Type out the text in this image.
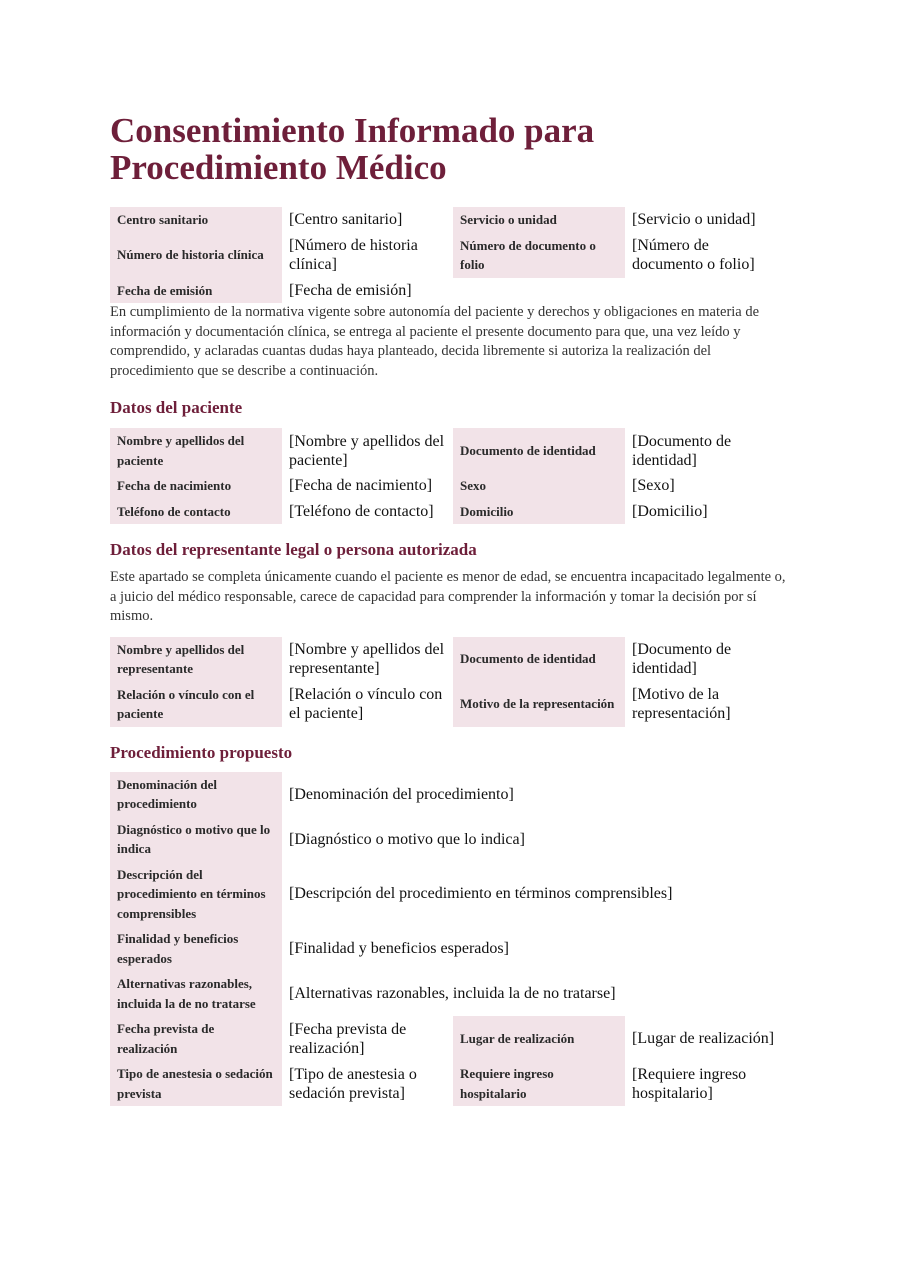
Consentimiento Informado para
Procedimiento Médico
Centro sanitario	[Centro sanitario]	Servicio o unidad	[Servicio o unidad]
Número de historia clínica	[Número de historia clínica]	Número de documento o folio	[Número de documento o folio]
Fecha de emisión	[Fecha de emisión]		

En cumplimiento de la normativa vigente sobre autonomía del paciente y derechos y obligaciones en materia de información y documentación clínica, se entrega al paciente el presente documento para que, una vez leído y comprendido, y aclaradas cuantas dudas haya planteado, decida libremente si autoriza la realización del procedimiento que se describe a continuación.

Datos del paciente
Nombre y apellidos del paciente	[Nombre y apellidos del paciente]	Documento de identidad	[Documento de identidad]
Fecha de nacimiento	[Fecha de nacimiento]	Sexo	[Sexo]
Teléfono de contacto	[Teléfono de contacto]	Domicilio	[Domicilio]
Datos del representante legal o persona autorizada

Este apartado se completa únicamente cuando el paciente es menor de edad, se encuentra incapacitado legalmente o, a juicio del médico responsable, carece de capacidad para comprender la información y tomar la decisión por sí mismo.

Nombre y apellidos del representante	[Nombre y apellidos del representante]	Documento de identidad	[Documento de identidad]
Relación o vínculo con el paciente	[Relación o vínculo con el paciente]	Motivo de la representación	[Motivo de la representación]
Procedimiento propuesto
Denominación del procedimiento	[Denominación del procedimiento]		
Diagnóstico o motivo que lo indica	[Diagnóstico o motivo que lo indica]		
Descripción del procedimiento en términos comprensibles	[Descripción del procedimiento en términos comprensibles]		
Finalidad y beneficios esperados	[Finalidad y beneficios esperados]		
Alternativas razonables, incluida la de no tratarse	[Alternativas razonables, incluida la de no tratarse]		
Fecha prevista de realización	[Fecha prevista de realización]	Lugar de realización	[Lugar de realización]
Tipo de anestesia o sedación prevista	[Tipo de anestesia o sedación prevista]	Requiere ingreso hospitalario	[Requiere ingreso hospitalario]
